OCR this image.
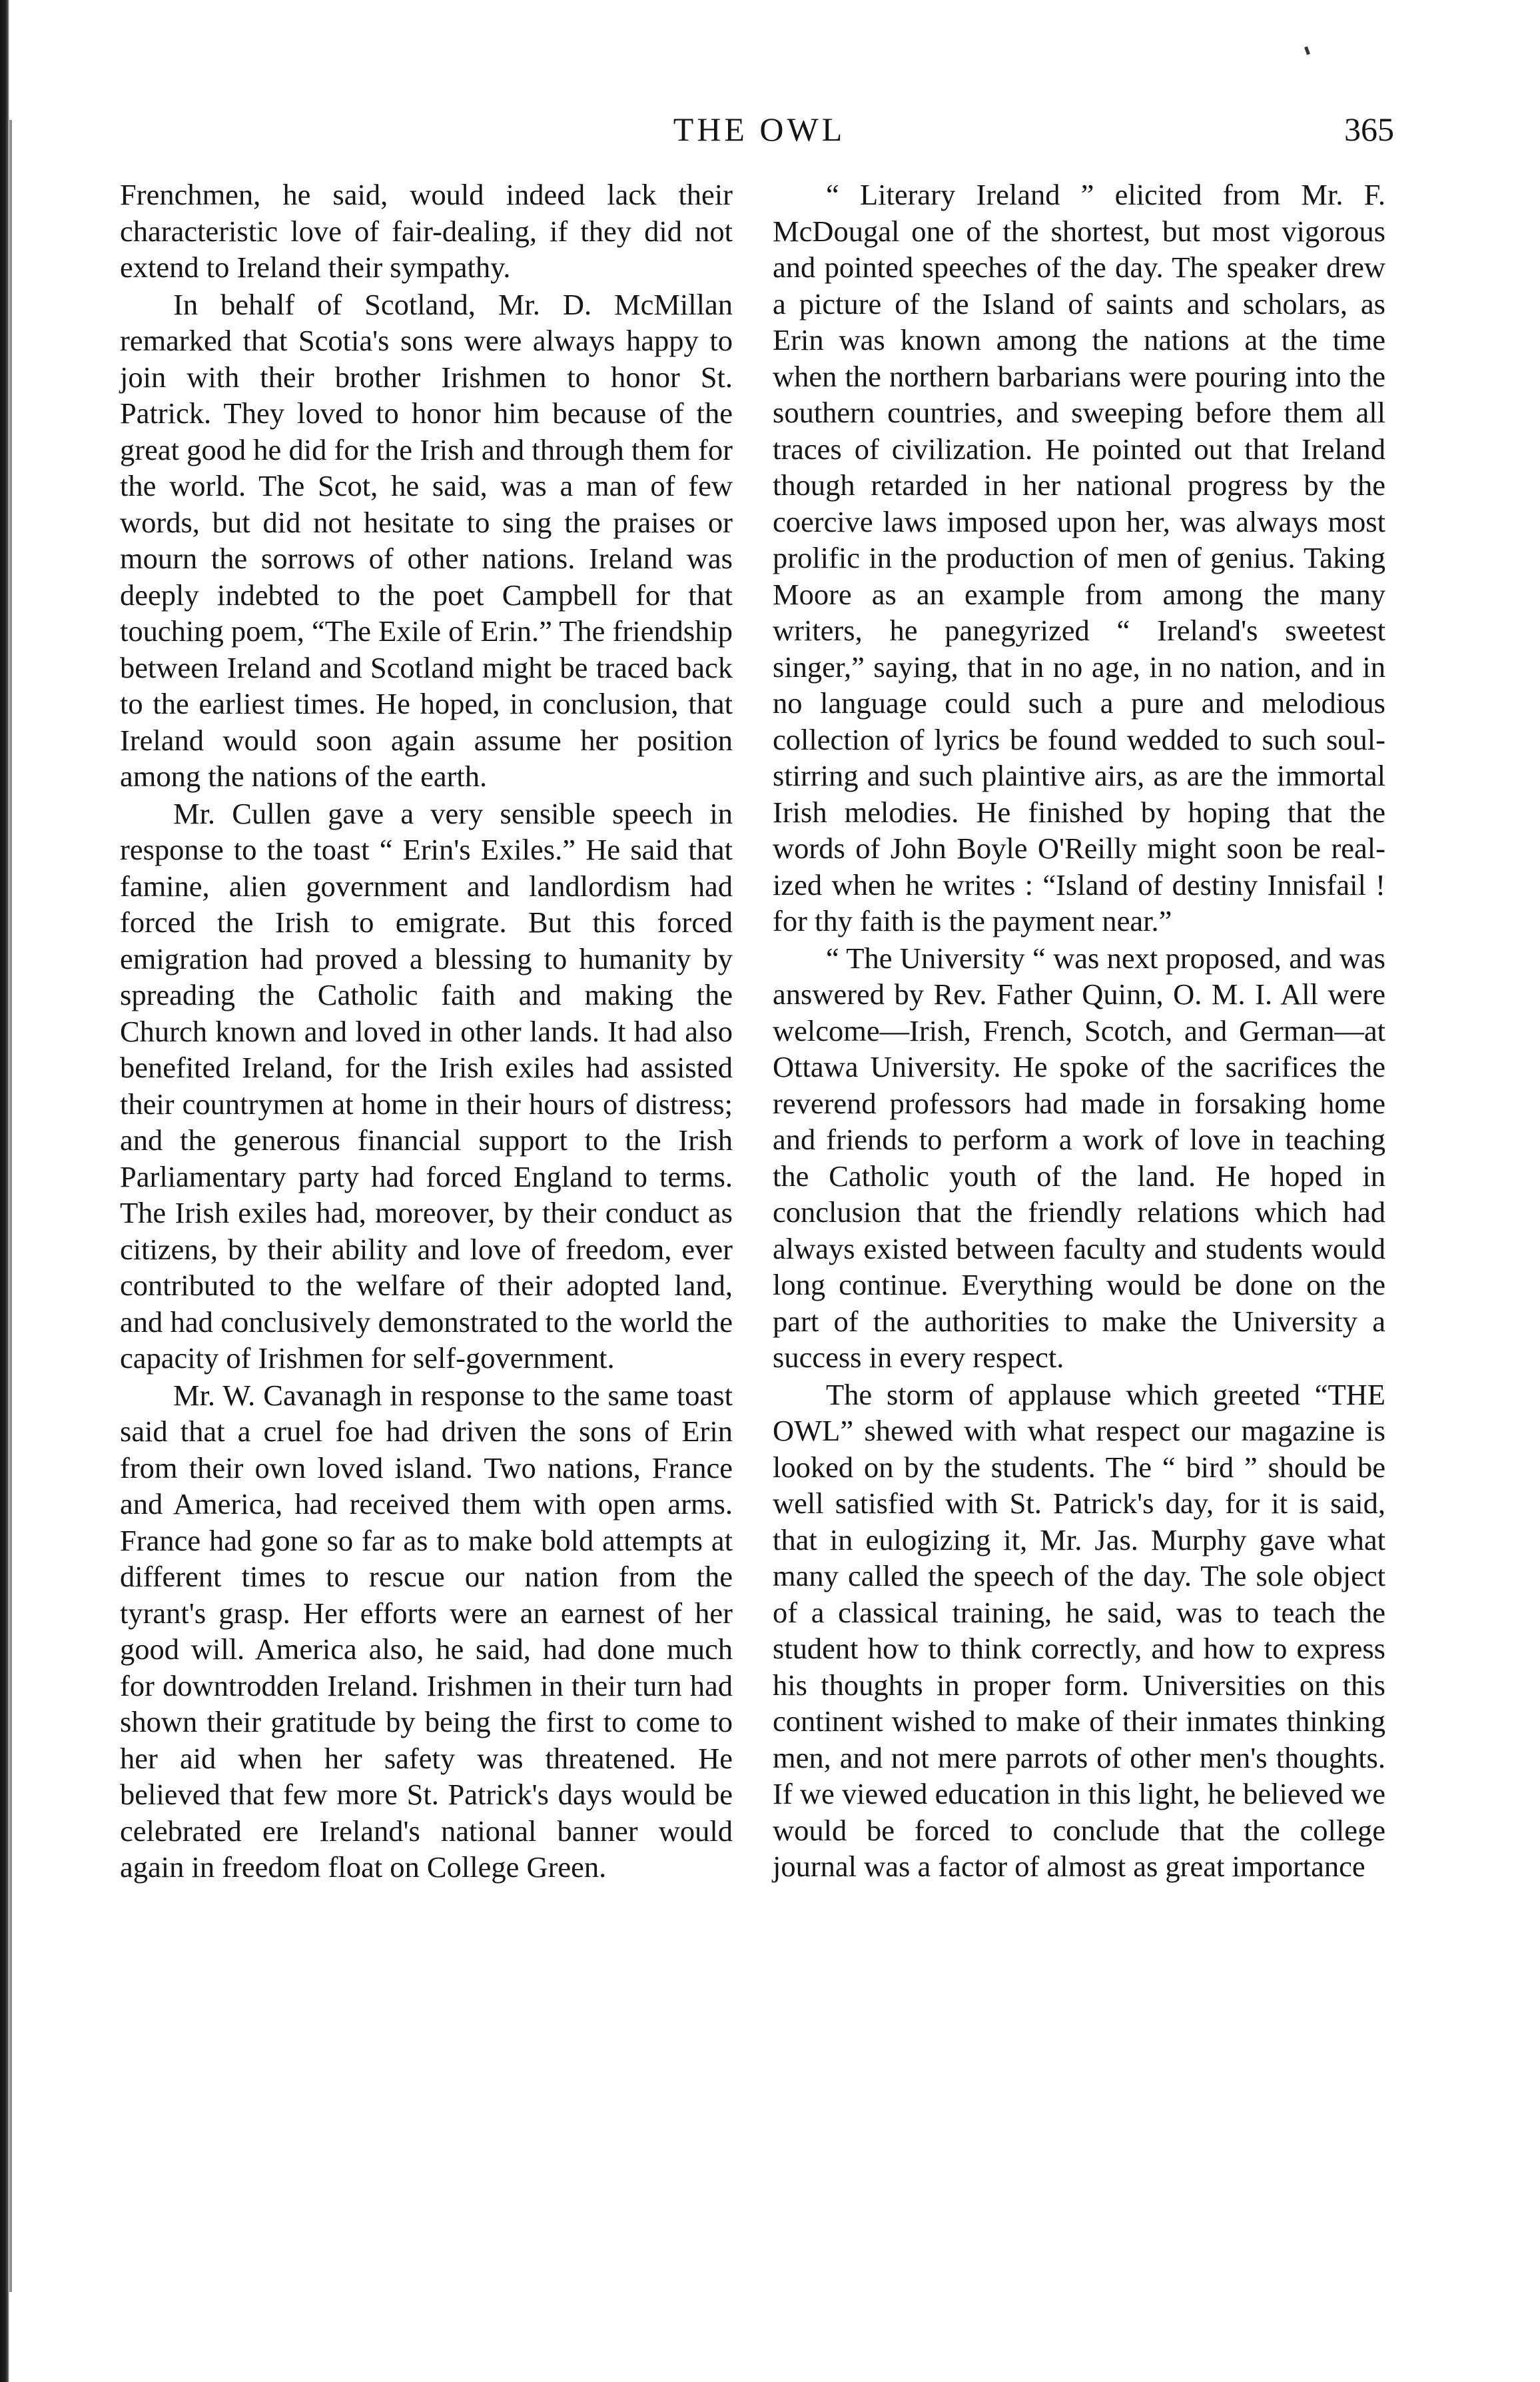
THE OWL	365

Frenchmen, he said, would indeed lack their characteristic love of fair-dealing, if they did not extend to Ireland their sympathy.

In behalf of Scotland, Mr. D. McMillan remarked that Scotia's sons were always happy to join with their brother Irishmen to honor St. Patrick. They loved to honor him because of the great good he did for the Irish and through them for the world. The Scot, he said, was a man of few words, but did not hesitate to sing the praises or mourn the sorrows of other nations. Ireland was deeply indebted to the poet Campbell for that touching poem, “The Exile of Erin.” The friendship between Ireland and Scotland might be traced back to the earliest times. He hoped, in conclusion, that Ireland would soon again assume her position among the nations of the earth.

Mr. Cullen gave a very sensible speech in response to the toast “ Erin's Exiles.” He said that famine, alien government and landlordism had forced the Irish to emigrate. But this forced emigration had proved a blessing to humanity by spreading the Catholic faith and making the Church known and loved in other lands. It had also benefited Ireland, for the Irish exiles had assisted their countrymen at home in their hours of distress; and the generous financial support to the Irish Parliamentary party had forced England to terms. The Irish exiles had, moreover, by their conduct as citizens, by their ability and love of freedom, ever contributed to the welfare of their adopted land, and had conclusively demonstrated to the world the capacity of Irishmen for self-government.

Mr. W. Cavanagh in response to the same toast said that a cruel foe had driven the sons of Erin from their own loved island. Two nations, France and America, had received them with open arms. France had gone so far as to make bold attempts at different times to rescue our nation from the tyrant's grasp. Her efforts were an earnest of her good will. America also, he said, had done much for downtrodden Ireland. Irishmen in their turn had shown their gratitude by being the first to come to her aid when her safety was threatened. He believed that few more St. Patrick's days would be celebrated ere Ireland's national banner would again in freedom float on College Green.

“ Literary Ireland ” elicited from Mr. F. McDougal one of the shortest, but most vigorous and pointed speeches of the day. The speaker drew a picture of the Island of saints and scholars, as Erin was known among the nations at the time when the northern barbarians were pouring into the southern countries, and sweeping before them all traces of civilization. He pointed out that Ireland though retarded in her national progress by the coercive laws imposed upon her, was always most prolific in the production of men of genius. Taking Moore as an example from among the many writers, he panegyrized “ Ireland's sweetest singer,” saying, that in no age, in no nation, and in no language could such a pure and melodious collection of lyrics be found wedded to such soul-stirring and such plaintive airs, as are the immortal Irish melodies. He finished by hoping that the words of John Boyle O'Reilly might soon be realized when he writes : “Island of destiny Innisfail ! for thy faith is the payment near.”

“ The University “ was next proposed, and was answered by Rev. Father Quinn, O. M. I. All were welcome—Irish, French, Scotch, and German—at Ottawa University. He spoke of the sacrifices the reverend professors had made in forsaking home and friends to perform a work of love in teaching the Catholic youth of the land. He hoped in conclusion that the friendly relations which had always existed between faculty and students would long continue. Everything would be done on the part of the authorities to make the University a success in every respect.

The storm of applause which greeted “THE OWL” shewed with what respect our magazine is looked on by the students. The “ bird ” should be well satisfied with St. Patrick's day, for it is said, that in eulogizing it, Mr. Jas. Murphy gave what many called the speech of the day. The sole object of a classical training, he said, was to teach the student how to think correctly, and how to express his thoughts in proper form. Universities on this continent wished to make of their inmates thinking men, and not mere parrots of other men's thoughts. If we viewed education in this light, he believed we would be forced to conclude that the college journal was a factor of almost as great importance
